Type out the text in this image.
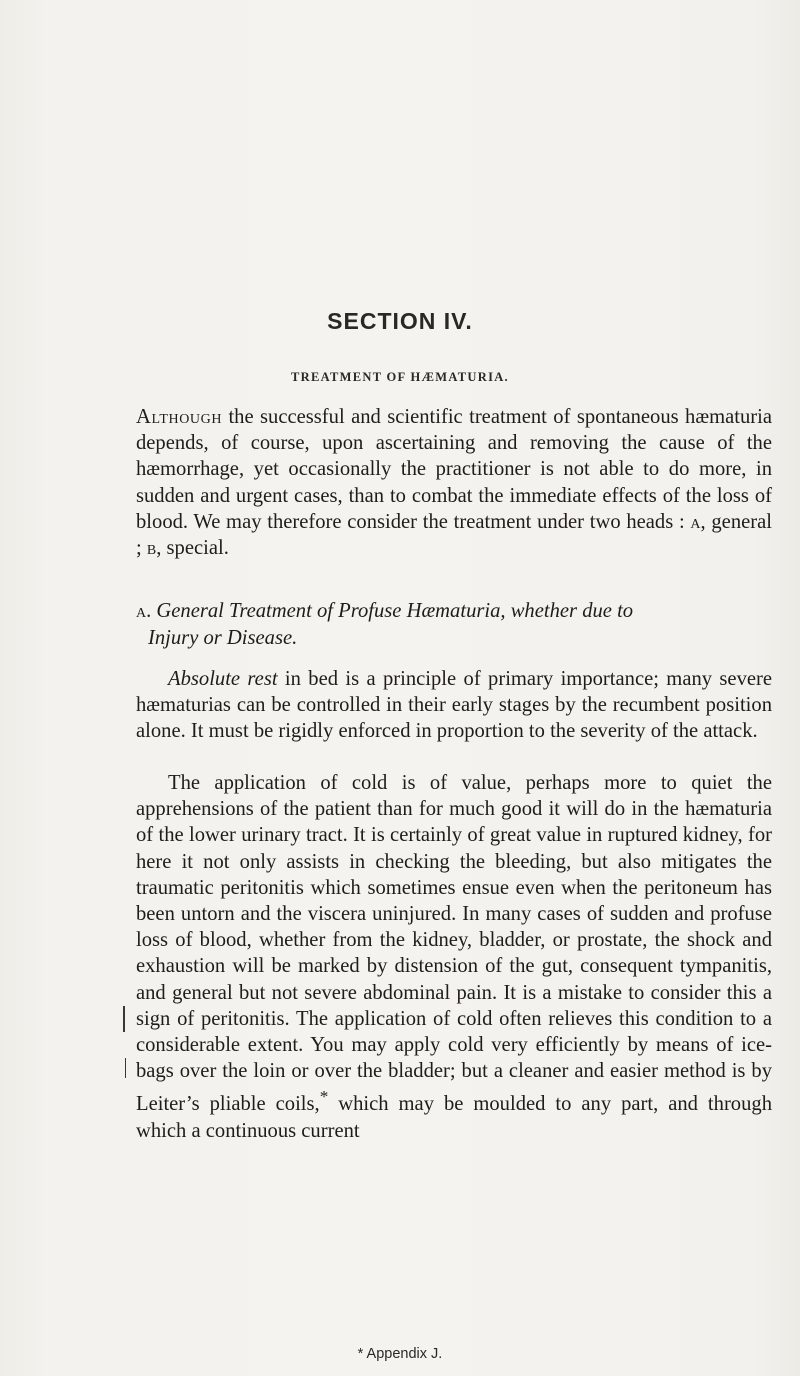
SECTION IV.
TREATMENT OF HÆMATURIA.

Although the successful and scientific treatment of spontaneous hæmaturia depends, of course, upon ascertaining and removing the cause of the hæmorrhage, yet occasionally the practitioner is not able to do more, in sudden and urgent cases, than to combat the immediate effects of the loss of blood. We may therefore consider the treatment under two heads : a, general ; b, special.

a. General Treatment of Profuse Hæmaturia, whether due to
Injury or Disease.

Absolute rest in bed is a principle of primary importance; many severe hæmaturias can be controlled in their early stages by the recumbent position alone. It must be rigidly enforced in proportion to the severity of the attack.

The application of cold is of value, perhaps more to quiet the apprehensions of the patient than for much good it will do in the hæmaturia of the lower urinary tract. It is certainly of great value in ruptured kidney, for here it not only assists in checking the bleeding, but also mitigates the traumatic peritonitis which sometimes ensue even when the peritoneum has been untorn and the viscera uninjured. In many cases of sudden and profuse loss of blood, whether from the kidney, bladder, or prostate, the shock and exhaustion will be marked by distension of the gut, consequent tympanitis, and general but not severe abdominal pain. It is a mistake to consider this a sign of peritonitis. The application of cold often relieves this condition to a considerable extent. You may apply cold very efficiently by means of ice-bags over the loin or over the bladder; but a cleaner and easier method is by Leiter’s pliable coils,* which may be moulded to any part, and through which a continuous current

* Appendix J.
